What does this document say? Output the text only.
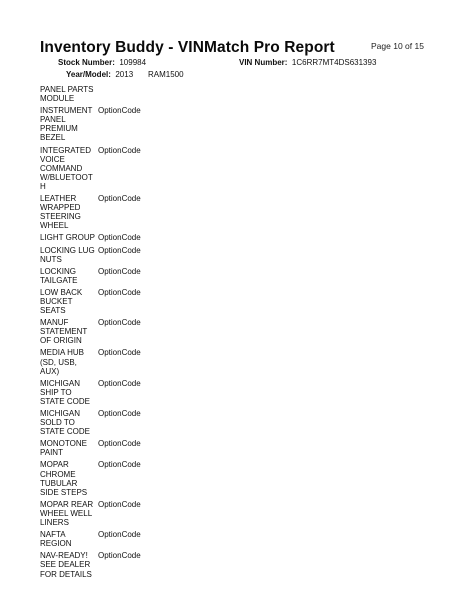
Page 10 of 15
Inventory Buddy - VINMatch Pro Report
Stock Number: 109984	VIN Number: 1C6RR7MT4DS631393
Year/Model: 2013 RAM1500
PANEL PARTS
MODULE
INSTRUMENT
PANEL
PREMIUM
BEZEL
OptionCode
INTEGRATED
VOICE
COMMAND
W/BLUETOOT
H
OptionCode
LEATHER
WRAPPED
STEERING
WHEEL
OptionCode
LIGHT GROUP OptionCode
LOCKING LUG
NUTS
OptionCode
LOCKING
TAILGATE
OptionCode
LOW BACK
BUCKET
SEATS
OptionCode
MANUF
STATEMENT
OF ORIGIN
OptionCode
MEDIA HUB
(SD, USB,
AUX)
OptionCode
MICHIGAN
SHIP TO
STATE CODE
OptionCode
MICHIGAN
SOLD TO
STATE CODE
OptionCode
MONOTONE
PAINT
OptionCode
MOPAR
CHROME
TUBULAR
SIDE STEPS
OptionCode
MOPAR REAR
WHEEL WELL
LINERS
OptionCode
NAFTA
REGION
OptionCode
NAV-READY!
SEE DEALER
FOR DETAILS
OptionCode
